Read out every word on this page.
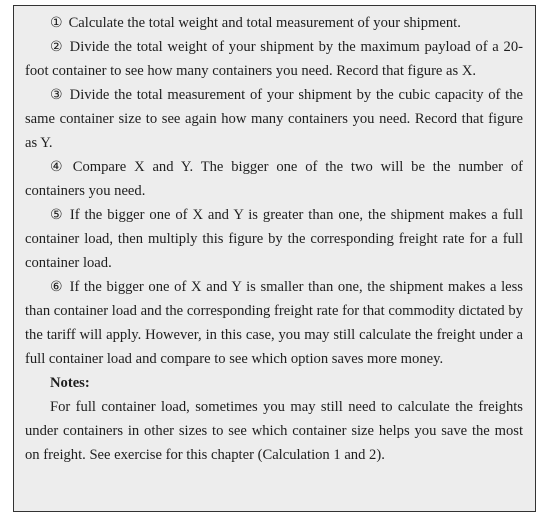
① Calculate the total weight and total measurement of your shipment.

② Divide the total weight of your shipment by the maximum payload of a 20-foot container to see how many containers you need. Record that figure as X.

③ Divide the total measurement of your shipment by the cubic capacity of the same container size to see again how many containers you need. Record that figure as Y.

④ Compare X and Y. The bigger one of the two will be the number of containers you need.

⑤ If the bigger one of X and Y is greater than one, the shipment makes a full container load, then multiply this figure by the corresponding freight rate for a full container load.

⑥ If the bigger one of X and Y is smaller than one, the shipment makes a less than container load and the corresponding freight rate for that commodity dictated by the tariff will apply. However, in this case, you may still calculate the freight under a full container load and compare to see which option saves more money.

Notes:

For full container load, sometimes you may still need to calculate the freights under containers in other sizes to see which container size helps you save the most on freight. See exercise for this chapter (Calculation 1 and 2).
